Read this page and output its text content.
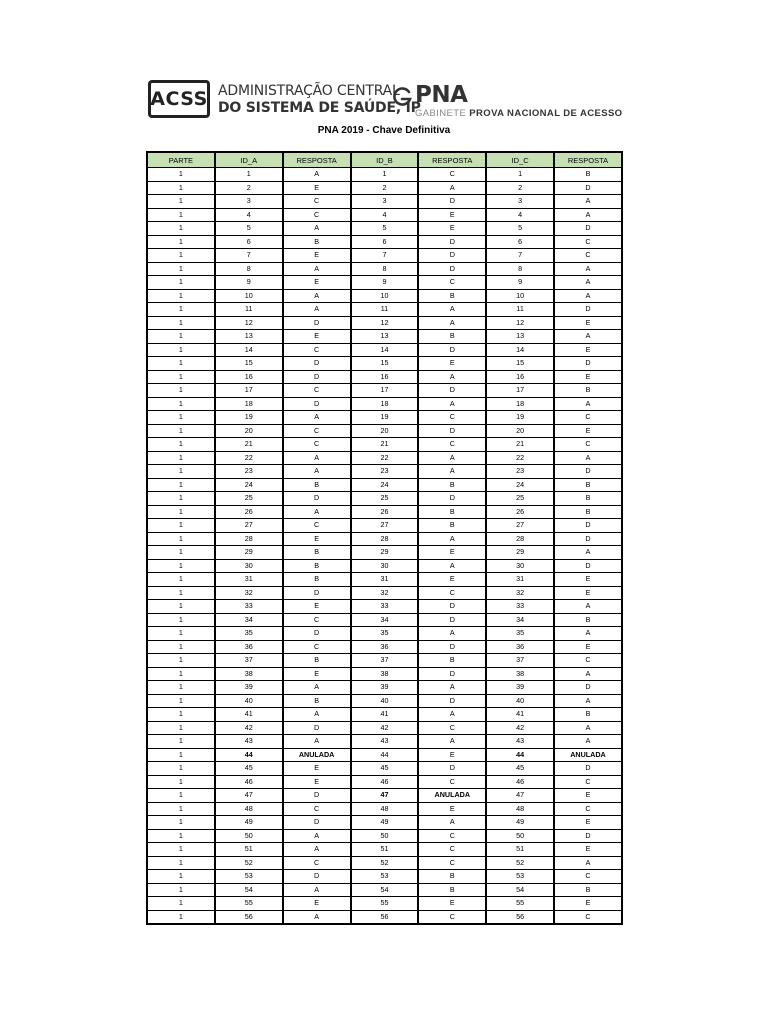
ACSS ADMINISTRAÇÃO CENTRAL
DO SISTEMA DE SAÚDE, IP
PNA
GABINETE PROVA NACIONAL DE ACESSO
PNA 2019 - Chave Definitiva
PARTE	ID_A	RESPOSTA	ID_B	RESPOSTA	ID_C	RESPOSTA
1	1	A	1	C	1	B
1	2	E	2	A	2	D
1	3	C	3	D	3	A
1	4	C	4	E	4	A
1	5	A	5	E	5	D
1	6	B	6	D	6	C
1	7	E	7	D	7	C
1	8	A	8	D	8	A
1	9	E	9	C	9	A
1	10	A	10	B	10	A
1	11	A	11	A	11	D
1	12	D	12	A	12	E
1	13	E	13	B	13	A
1	14	C	14	D	14	E
1	15	D	15	E	15	D
1	16	D	16	A	16	E
1	17	C	17	D	17	B
1	18	D	18	A	18	A
1	19	A	19	C	19	C
1	20	C	20	D	20	E
1	21	C	21	C	21	C
1	22	A	22	A	22	A
1	23	A	23	A	23	D
1	24	B	24	B	24	B
1	25	D	25	D	25	B
1	26	A	26	B	26	B
1	27	C	27	B	27	D
1	28	E	28	A	28	D
1	29	B	29	E	29	A
1	30	B	30	A	30	D
1	31	B	31	E	31	E
1	32	D	32	C	32	E
1	33	E	33	D	33	A
1	34	C	34	D	34	B
1	35	D	35	A	35	A
1	36	C	36	D	36	E
1	37	B	37	B	37	C
1	38	E	38	D	38	A
1	39	A	39	A	39	D
1	40	B	40	D	40	A
1	41	A	41	A	41	B
1	42	D	42	C	42	A
1	43	A	43	A	43	A
1	44	ANULADA	44	E	44	ANULADA
1	45	E	45	D	45	D
1	46	E	46	C	46	C
1	47	D	47	ANULADA	47	E
1	48	C	48	E	48	C
1	49	D	49	A	49	E
1	50	A	50	C	50	D
1	51	A	51	C	51	E
1	52	C	52	C	52	A
1	53	D	53	B	53	C
1	54	A	54	B	54	B
1	55	E	55	E	55	E
1	56	A	56	C	56	C
